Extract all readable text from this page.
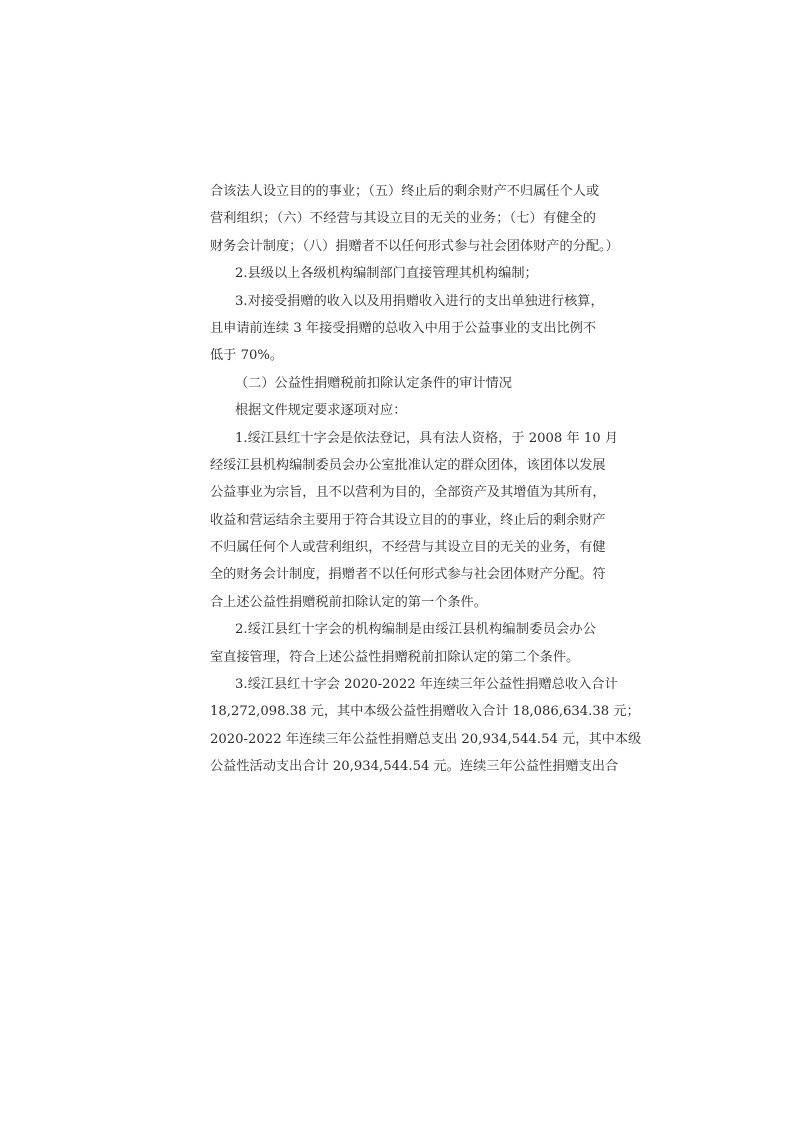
合该法人设立目的的事业；（五）终止后的剩余财产不归属任个人或
营利组织；（六）不经营与其设立目的无关的业务；（七）有健全的
财务会计制度；（八）捐赠者不以任何形式参与社会团体财产的分配。）
2.县级以上各级机构编制部门直接管理其机构编制；
3.对接受捐赠的收入以及用捐赠收入进行的支出单独进行核算，
且申请前连续 3 年接受捐赠的总收入中用于公益事业的支出比例不
低于 70%。
（二）公益性捐赠税前扣除认定条件的审计情况
根据文件规定要求逐项对应：
1.绥江县红十字会是依法登记，具有法人资格，于 2008 年 10 月
经绥江县机构编制委员会办公室批准认定的群众团体，该团体以发展
公益事业为宗旨，且不以营利为目的，全部资产及其增值为其所有，
收益和营运结余主要用于符合其设立目的的事业，终止后的剩余财产
不归属任何个人或营利组织，不经营与其设立目的无关的业务，有健
全的财务会计制度，捐赠者不以任何形式参与社会团体财产分配。符
合上述公益性捐赠税前扣除认定的第一个条件。
2.绥江县红十字会的机构编制是由绥江县机构编制委员会办公
室直接管理，符合上述公益性捐赠税前扣除认定的第二个条件。
3.绥江县红十字会 2020-2022 年连续三年公益性捐赠总收入合计
18,272,098.38 元，其中本级公益性捐赠收入合计 18,086,634.38 元；
2020-2022 年连续三年公益性捐赠总支出 20,934,544.54 元，其中本级
公益性活动支出合计 20,934,544.54 元。连续三年公益性捐赠支出合
